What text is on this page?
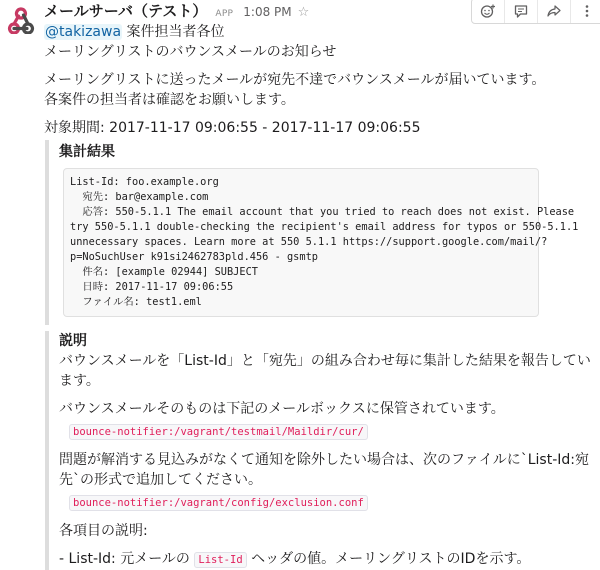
メールサーバ（テスト） APP 1:08 PM ☆
@takizawa 案件担当者各位
メーリングリストのバウンスメールのお知らせ
メーリングリストに送ったメールが宛先不達でバウンスメールが届いています。
各案件の担当者は確認をお願いします。
対象期間: 2017-11-17 09:06:55 - 2017-11-17 09:06:55
集計結果
List-Id: foo.example.org
宛先: bar@example.com
応答: 550-5.1.1 The email account that you tried to reach does not exist. Please
try 550-5.1.1 double-checking the recipient's email address for typos or 550-5.1.1
unnecessary spaces. Learn more at 550 5.1.1 https://support.google.com/mail/?
p=NoSuchUser k91si2462783pld.456 - gsmtp
件名: [example 02944] SUBJECT
日時: 2017-11-17 09:06:55
ファイル名: test1.eml
説明
バウンスメールを「List-Id」と「宛先」の組み合わせ毎に集計した結果を報告してい
ます。
バウンスメールそのものは下記のメールボックスに保管されています。
bounce-notifier:/vagrant/testmail/Maildir/cur/
問題が解消する見込みがなくて通知を除外したい場合は、次のファイルに`List-Id:宛
先`の形式で追加してください。
bounce-notifier:/vagrant/config/exclusion.conf
各項目の説明:
- List-Id: 元メールの List-Id ヘッダの値。メーリングリストのIDを示す。
